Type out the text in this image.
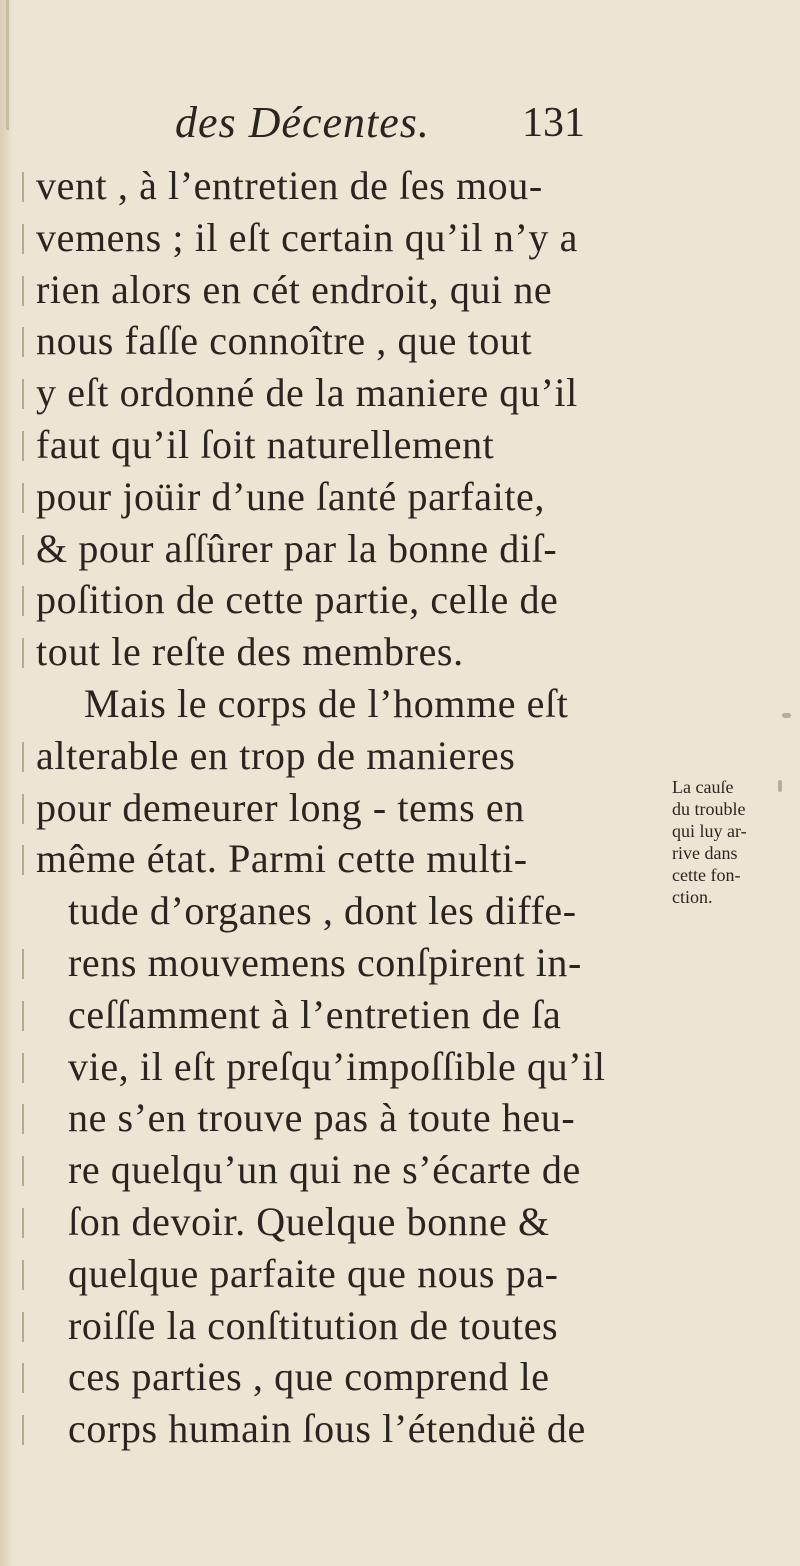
des Décentes. 131
vent , à l’entretien de ſes mou-
vemens ; il eſt certain qu’il n’y a
rien alors en cét endroit, qui ne
nous faſſe connoître , que tout
y eſt ordonné de la maniere qu’il
faut qu’il ſoit naturellement
pour joüir d’une ſanté parfaite,
& pour aſſûrer par la bonne diſ-
poſition de cette partie, celle de
tout le reſte des membres.
Mais le corps de l’homme eſt
alterable en trop de manieres
pour demeurer long - tems en
même état. Parmi cette multi-
tude d’organes , dont les diffe-
rens mouvemens conſpirent in-
ceſſamment à l’entretien de ſa
vie, il eſt preſqu’impoſſible qu’il
ne s’en trouve pas à toute heu-
re quelqu’un qui ne s’écarte de
ſon devoir. Quelque bonne &
quelque parfaite que nous pa-
roiſſe la conſtitution de toutes
ces parties , que comprend le
corps humain ſous l’étenduë de
La cauſe
du trouble
qui luy ar-
rive dans
cette fon-
ction.
